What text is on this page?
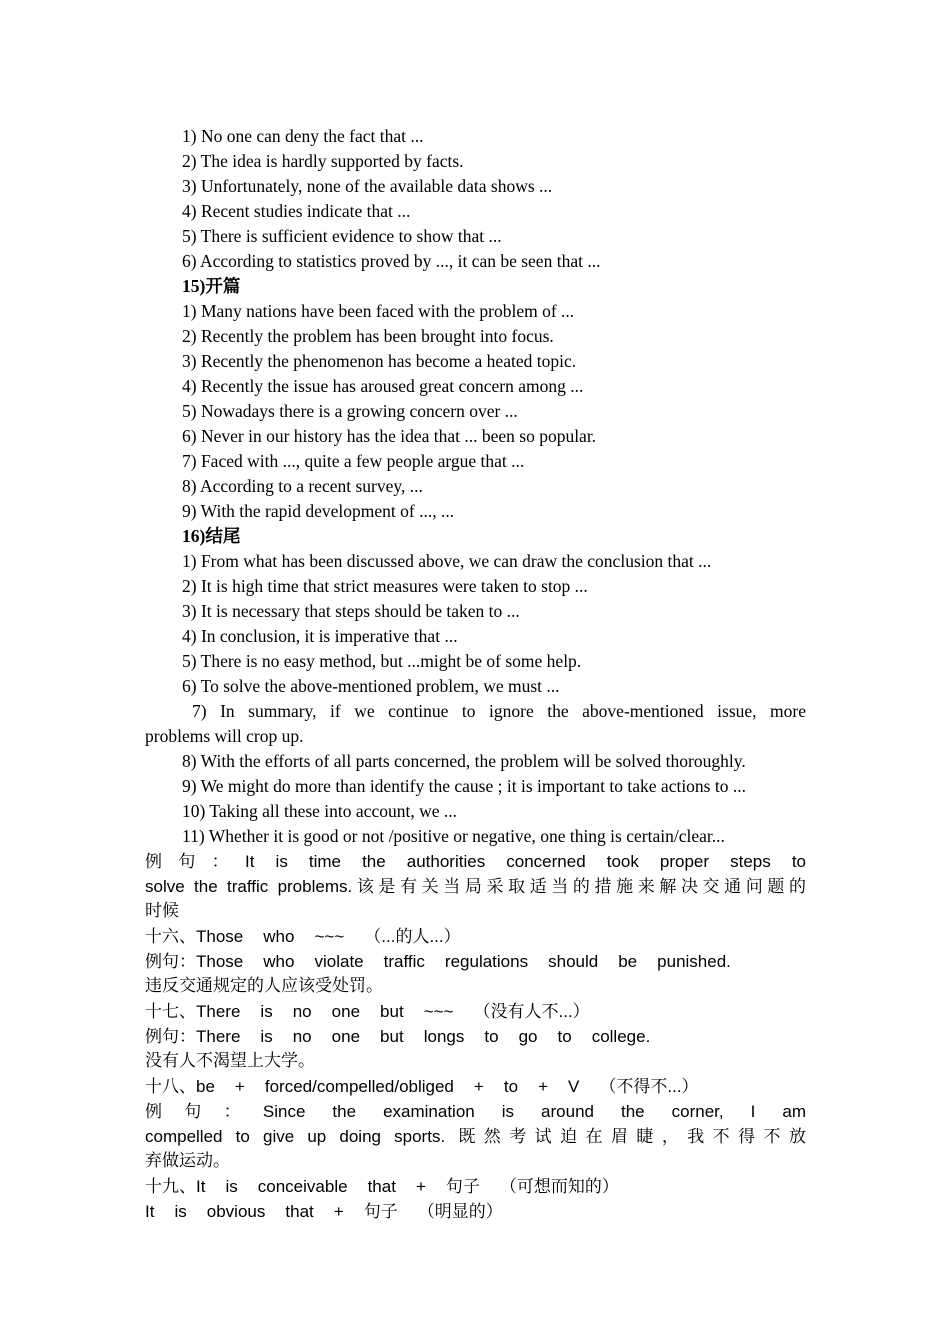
1) No one can deny the fact that ...
2) The idea is hardly supported by facts.
3) Unfortunately, none of the available data shows ...
4) Recent studies indicate that ...
5) There is sufficient evidence to show that ...
6) According to statistics proved by ..., it can be seen that ...
15)开篇
1) Many nations have been faced with the problem of ...
2) Recently the problem has been brought into focus.
3) Recently the phenomenon has become a heated topic.
4) Recently the issue has aroused great concern among ...
5) Nowadays there is a growing concern over ...
6) Never in our history has the idea that ... been so popular.
7) Faced with ..., quite a few people argue that ...
8) According to a recent survey, ...
9) With the rapid development of ..., ...
16)结尾
1) From what has been discussed above, we can draw the conclusion that ...
2) It is high time that strict measures were taken to stop ...
3) It is necessary that steps should be taken to ...
4) In conclusion, it is imperative that ...
5) There is no easy method, but ...might be of some help.
6) To solve the above-mentioned problem, we must ...
7) In summary, if we continue to ignore the above-mentioned issue, more
problems will crop up.
8) With the efforts of all parts concerned, the problem will be solved thoroughly.
9) We might do more than identify the cause ; it is important to take actions to ...
10) Taking all these into account, we ...
11) Whether it is good or not /positive or negative, one thing is certain/clear...
例句：It is time the authorities concerned took proper steps to
solve the traffic problems.该是有关当局采取适当的措施来解决交通问题的
时候
十六、Those who ~~~ （...的人...）
例句：Those who violate traffic regulations should be punished.
违反交通规定的人应该受处罚。
十七、There is no one but ~~~ （没有人不...）
例句：There is no one but longs to go to college.
没有人不渴望上大学。
十八、be + forced/compelled/obliged + to + V （不得不...）
例句：Since the examination is around the corner, I am
compelled to give up doing sports. 既然考试迫在眉睫，我不得不放
弃做运动。
十九、It is conceivable that + 句子 （可想而知的）
It is obvious that + 句子 （明显的）
